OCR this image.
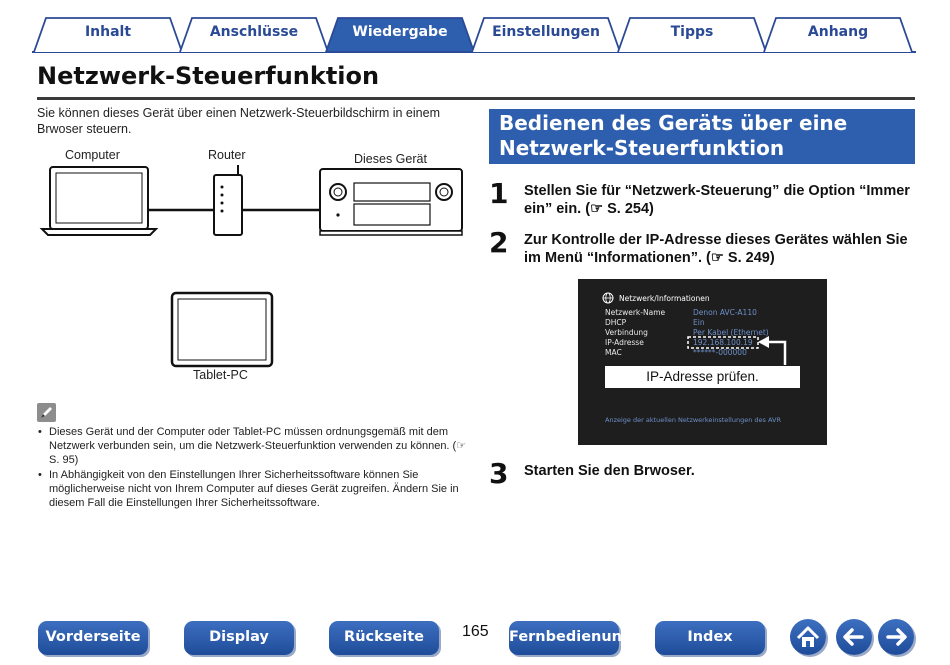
Inhalt	Anschlüsse	Wiedergabe	Einstellungen	Tipps	Anhang
Netzwerk-Steuerfunktion
Sie können dieses Gerät über einen Netzwerk-Steuerbildschirm in einem Brwoser steuern.
Computer	Router	Dieses Gerät
Tablet-PC
• Dieses Gerät und der Computer oder Tablet-PC müssen ordnungsgemäß mit dem Netzwerk verbunden sein, um die Netzwerk-Steuerfunktion verwenden zu können. (☞ S. 95)
• In Abhängigkeit von den Einstellungen Ihrer Sicherheitssoftware können Sie möglicherweise nicht von Ihrem Computer auf dieses Gerät zugreifen. Ändern Sie in diesem Fall die Einstellungen Ihrer Sicherheitssoftware.
Bedienen des Geräts über eine Netzwerk-Steuerfunktion
1	Stellen Sie für “Netzwerk-Steuerung” die Option “Immer ein” ein. (☞ S. 254)
2	Zur Kontrolle der IP-Adresse dieses Gerätes wählen Sie im Menü “Informationen”. (☞ S. 249)
Netzwerk/Informationen
Netzwerk-Name	Denon AVC-A110
DHCP	Ein
Verbindung	Per Kabel (Ethernet)
IP-Adresse	192.168.100.19
MAC	******-000000
IP-Adresse prüfen.
Anzeige der aktuellen Netzwerkeinstellungen des AVR
3	Starten Sie den Brwoser.
Vorderseite	Display	Rückseite	165 Fernbedienung	Index
